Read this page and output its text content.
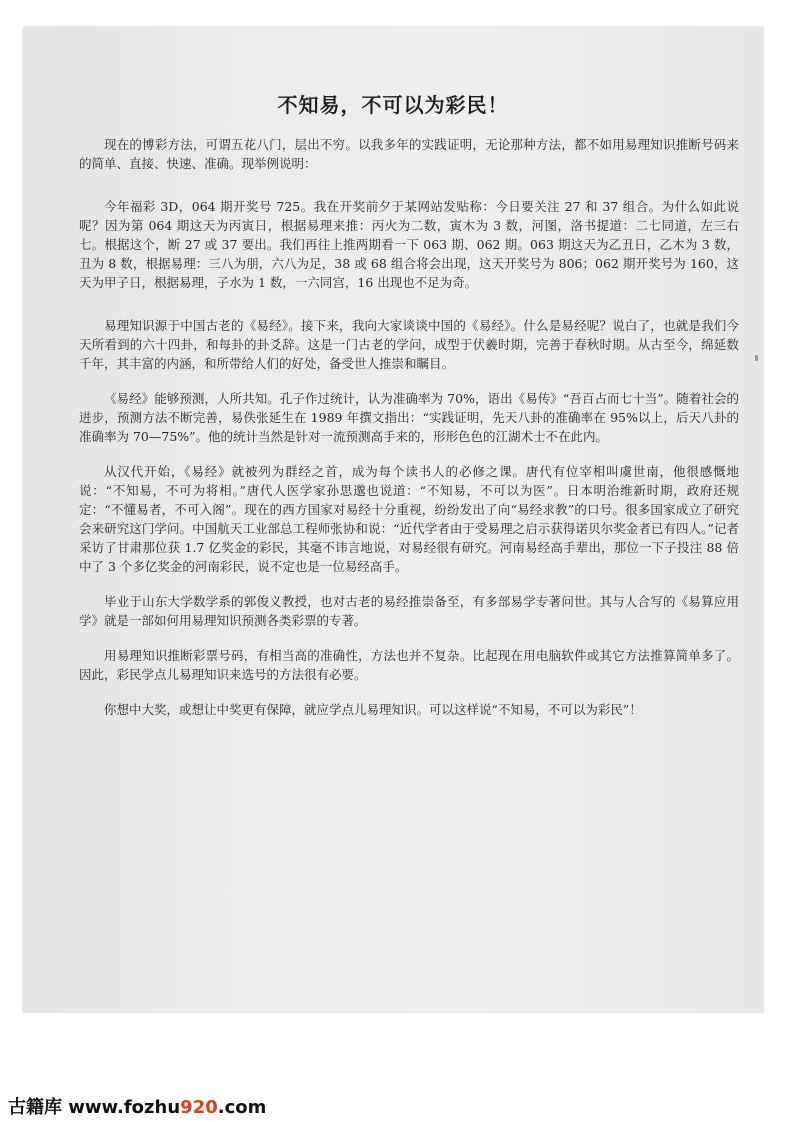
不知易，不可以为彩民！

现在的博彩方法，可谓五花八门，层出不穷。以我多年的实践证明，无论那种方法，都不如用易理知识推断号码来的简单、直接、快速、准确。现举例说明：

今年福彩 3D，064 期开奖号 725。我在开奖前夕于某网站发贴称：今日要关注 27 和 37 组合。为什么如此说呢？因为第 064 期这天为丙寅日，根据易理来推：丙火为二数，寅木为 3 数，河图，洛书提道：二七同道，左三右七。根据这个，断 27 或 37 要出。我们再往上推两期看一下 063 期、062 期。063 期这天为乙丑日，乙木为 3 数，丑为 8 数，根据易理：三八为朋，六八为足，38 或 68 组合将会出现，这天开奖号为 806；062 期开奖号为 160，这天为甲子日，根据易理，子水为 1 数，一六同宫，16 出现也不足为奇。

易理知识源于中国古老的《易经》。接下来，我向大家谈谈中国的《易经》。什么是易经呢？说白了，也就是我们今天所看到的六十四卦，和每卦的卦爻辞。这是一门古老的学问，成型于伏羲时期，完善于春秋时期。从古至今，绵延数千年，其丰富的内涵，和所带给人们的好处，备受世人推崇和瞩目。

《易经》能够预测，人所共知。孔子作过统计，认为准确率为 70%，语出《易传》“吾百占而七十当”。随着社会的进步，预测方法不断完善，易佚张延生在 1989 年撰文指出：“实践证明，先天八卦的准确率在 95%以上，后天八卦的准确率为 70—75%”。他的统计当然是针对一流预测高手来的，形形色色的江湖术士不在此内。

从汉代开始，《易经》就被列为群经之首，成为每个读书人的必修之课。唐代有位宰相叫虞世南，他很感慨地说：“不知易，不可为将相。”唐代人医学家孙思邈也说道：“不知易，不可以为医”。日本明治维新时期，政府还规定：“不懂易者，不可入阁”。现在的西方国家对易经十分重视，纷纷发出了向“易经求教”的口号。很多国家成立了研究会来研究这门学问。中国航天工业部总工程师张协和说：“近代学者由于受易理之启示获得诺贝尔奖金者已有四人。”记者采访了甘肃那位获 1.7 亿奖金的彩民，其毫不讳言地说，对易经很有研究。河南易经高手辈出，那位一下子投注 88 倍中了 3 个多亿奖金的河南彩民，说不定也是一位易经高手。

毕业于山东大学数学系的郭俊义教授，也对古老的易经推崇备至，有多部易学专著问世。其与人合写的《易算应用学》就是一部如何用易理知识预测各类彩票的专著。

用易理知识推断彩票号码，有相当高的准确性，方法也并不复杂。比起现在用电脑软件或其它方法推算简单多了。因此，彩民学点儿易理知识来选号的方法很有必要。

你想中大奖，或想让中奖更有保障，就应学点儿易理知识。可以这样说“不知易，不可以为彩民”！

古籍库 www.fozhu920.com
